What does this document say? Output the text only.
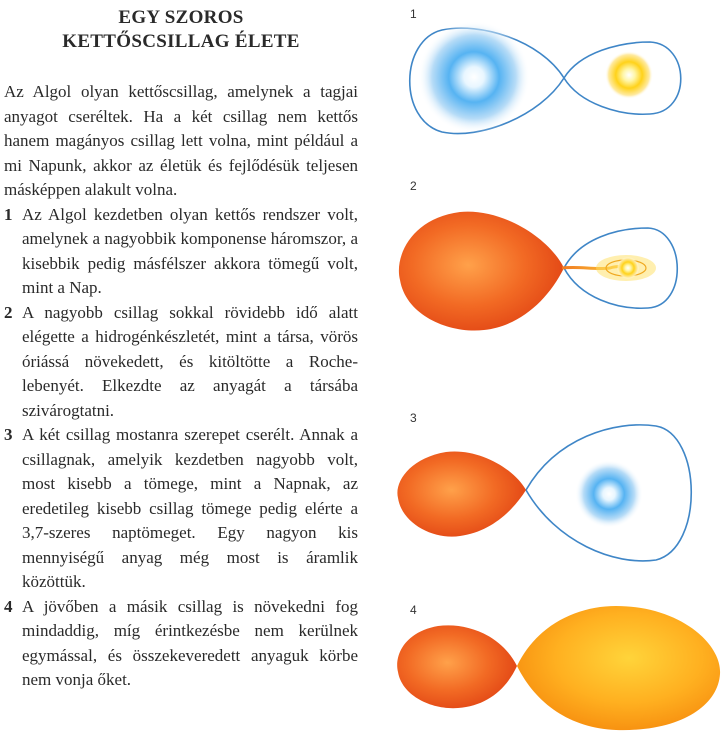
EGY SZOROS
KETTŐSCSILLAG ÉLETE

Az Algol olyan kettőscsillag, amelynek a tagjai anyagot cseréltek. Ha a két csillag nem kettős hanem magányos csillag lett volna, mint például a mi Napunk, akkor az életük és fejlődésük teljesen másképpen alakult volna.

1 Az Algol kezdetben olyan kettős rendszer volt, amelynek a nagyobbik komponense háromszor, a kisebbik pedig másfélszer akkora tömegű volt, mint a Nap.
2 A nagyobb csillag sokkal rövidebb idő alatt elégette a hidrogénkészletét, mint a társa, vörös óriássá növekedett, és kitöltötte a Roche-lebenyét. Elkezdte az anyagát a társába szivárogtatni.
3 A két csillag mostanra szerepet cserélt. Annak a csillagnak, amelyik kezdetben nagyobb volt, most kisebb a tömege, mint a Napnak, az eredetileg kisebb csillag tömege pedig elérte a 3,7-szeres naptömeget. Egy nagyon kis mennyiségű anyag még most is áramlik közöttük.
4 A jövőben a másik csillag is növekedni fog mindaddig, míg érintkezésbe nem kerülnek egymással, és összekeveredett anyaguk körbe nem vonja őket.
1
2
3
4
